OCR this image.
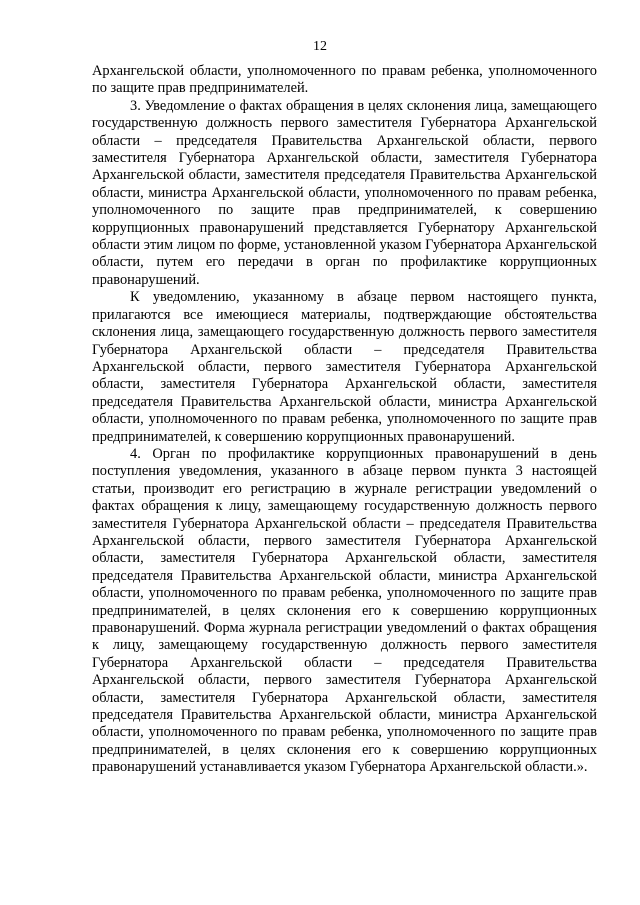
12

Архангельской области, уполномоченного по правам ребенка, уполномоченного по защите прав предпринимателей.

3. Уведомление о фактах обращения в целях склонения лица, замещающего государственную должность первого заместителя Губернатора Архангельской области – председателя Правительства Архангельской области, первого заместителя Губернатора Архангельской области, заместителя Губернатора Архангельской области, заместителя председателя Правительства Архангельской области, министра Архангельской области, уполномоченного по правам ребенка, уполномоченного по защите прав предпринимателей, к совершению коррупционных правонарушений представляется Губернатору Архангельской области этим лицом по форме, установленной указом Губернатора Архангельской области, путем его передачи в орган по профилактике коррупционных правонарушений.

К уведомлению, указанному в абзаце первом настоящего пункта, прилагаются все имеющиеся материалы, подтверждающие обстоятельства склонения лица, замещающего государственную должность первого заместителя Губернатора Архангельской области – председателя Правительства Архангельской области, первого заместителя Губернатора Архангельской области, заместителя Губернатора Архангельской области, заместителя председателя Правительства Архангельской области, министра Архангельской области, уполномоченного по правам ребенка, уполномоченного по защите прав предпринимателей, к совершению коррупционных правонарушений.

4. Орган по профилактике коррупционных правонарушений в день поступления уведомления, указанного в абзаце первом пункта 3 настоящей статьи, производит его регистрацию в журнале регистрации уведомлений о фактах обращения к лицу, замещающему государственную должность первого заместителя Губернатора Архангельской области – председателя Правительства Архангельской области, первого заместителя Губернатора Архангельской области, заместителя Губернатора Архангельской области, заместителя председателя Правительства Архангельской области, министра Архангельской области, уполномоченного по правам ребенка, уполномоченного по защите прав предпринимателей, в целях склонения его к совершению коррупционных правонарушений. Форма журнала регистрации уведомлений о фактах обращения к лицу, замещающему государственную должность первого заместителя Губернатора Архангельской области – председателя Правительства Архангельской области, первого заместителя Губернатора Архангельской области, заместителя Губернатора Архангельской области, заместителя председателя Правительства Архангельской области, министра Архангельской области, уполномоченного по правам ребенка, уполномоченного по защите прав предпринимателей, в целях склонения его к совершению коррупционных правонарушений устанавливается указом Губернатора Архангельской области.».
